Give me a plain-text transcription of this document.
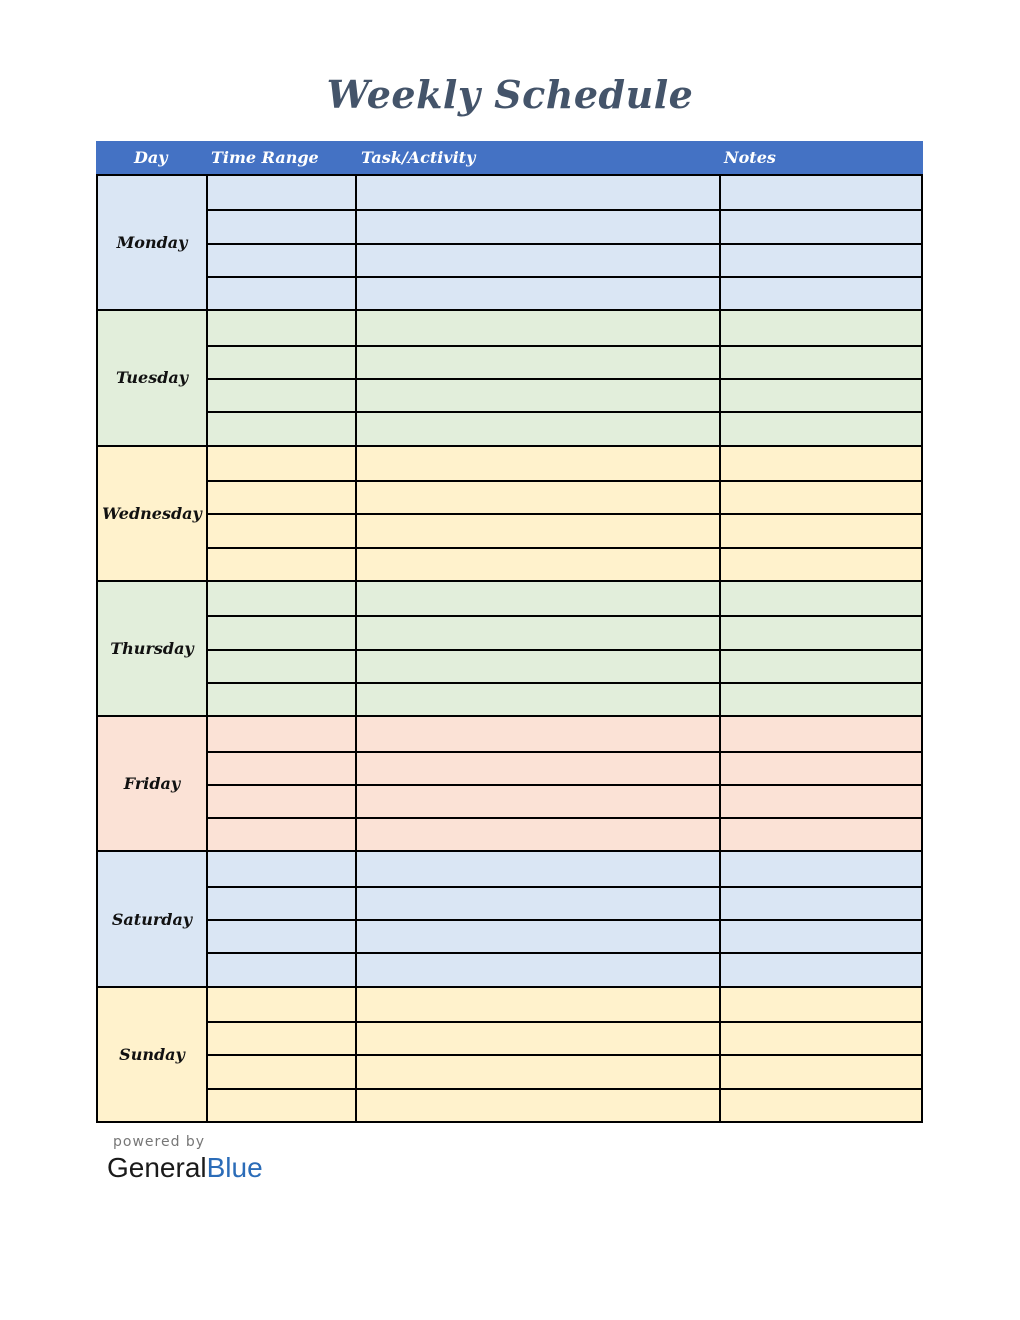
Weekly Schedule
Day	Time Range	Task/Activity	Notes
Monday
Tuesday
Wednesday
Thursday
Friday
Saturday
Sunday
powered by
GeneralBlue
